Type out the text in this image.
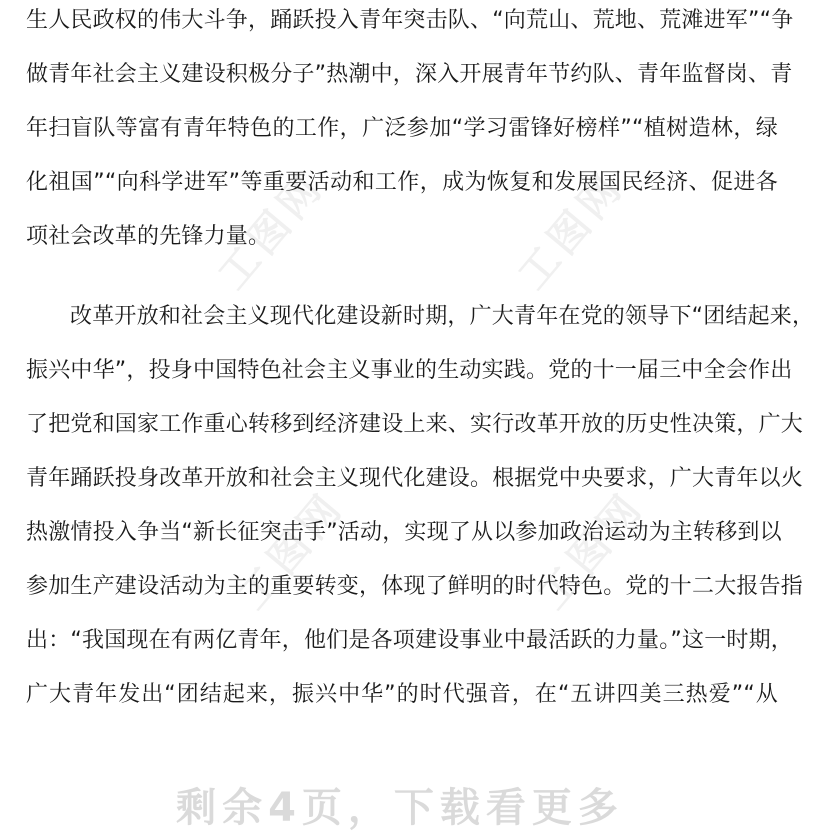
工图网	工图网
工图网	工图网
生人民政权的伟大斗争，踊跃投入青年突击队、“向荒山、荒地、荒滩进军”“争
做青年社会主义建设积极分子”热潮中，深入开展青年节约队、青年监督岗、青
年扫盲队等富有青年特色的工作，广泛参加“学习雷锋好榜样”“植树造林，绿
化祖国”“向科学进军”等重要活动和工作，成为恢复和发展国民经济、促进各
项社会改革的先锋力量。
改革开放和社会主义现代化建设新时期，广大青年在党的领导下“团结起来，
振兴中华”，投身中国特色社会主义事业的生动实践。党的十一届三中全会作出
了把党和国家工作重心转移到经济建设上来、实行改革开放的历史性决策，广大
青年踊跃投身改革开放和社会主义现代化建设。根据党中央要求，广大青年以火
热激情投入争当“新长征突击手”活动，实现了从以参加政治运动为主转移到以
参加生产建设活动为主的重要转变，体现了鲜明的时代特色。党的十二大报告指
出：“我国现在有两亿青年，他们是各项建设事业中最活跃的力量。”这一时期，
广大青年发出“团结起来，振兴中华”的时代强音，在“五讲四美三热爱”“从
剩余4页，下载看更多
